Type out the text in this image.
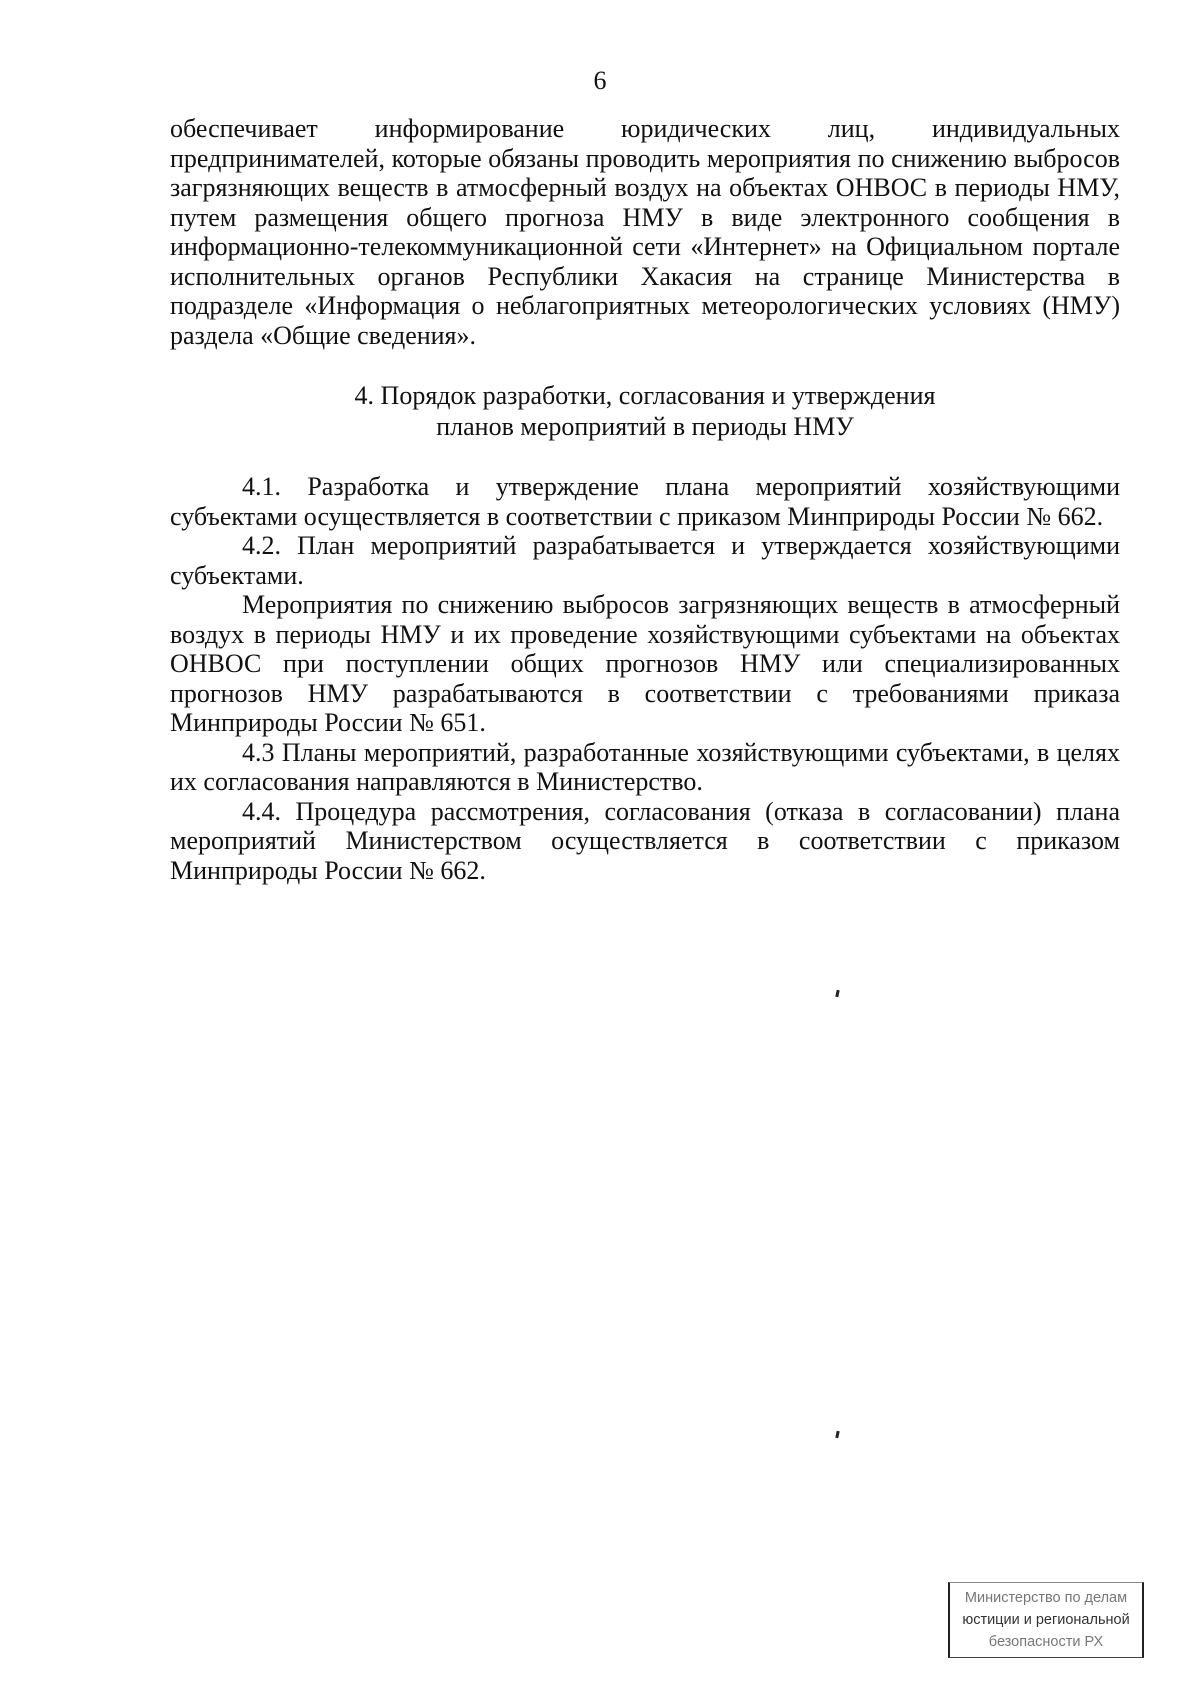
6

обеспечивает информирование юридических лиц, индивидуальных предпринимателей, которые обязаны проводить мероприятия по снижению выбросов загрязняющих веществ в атмосферный воздух на объектах ОНВОС в периоды НМУ, путем размещения общего прогноза НМУ в виде электронного сообщения в информационно-телекоммуникационной сети «Интернет» на Официальном портале исполнительных органов Республики Хакасия на странице Министерства в подразделе «Информация о неблагоприятных метеорологических условиях (НМУ) раздела «Общие сведения».

4. Порядок разработки, согласования и утверждения
планов мероприятий в периоды НМУ

4.1. Разработка и утверждение плана мероприятий хозяйствующими субъектами осуществляется в соответствии с приказом Минприроды России № 662.

4.2. План мероприятий разрабатывается и утверждается хозяйствующими субъектами.

Мероприятия по снижению выбросов загрязняющих веществ в атмосферный воздух в периоды НМУ и их проведение хозяйствующими субъектами на объектах ОНВОС при поступлении общих прогнозов НМУ или специализированных прогнозов НМУ разрабатываются в соответствии с требованиями приказа Минприроды России № 651.

4.3 Планы мероприятий, разработанные хозяйствующими субъектами, в целях их согласования направляются в Министерство.

4.4. Процедура рассмотрения, согласования (отказа в согласовании) плана мероприятий Министерством осуществляется в соответствии с приказом Минприроды России № 662.

Министерство по делам
юстиции и региональной
безопасности РХ
